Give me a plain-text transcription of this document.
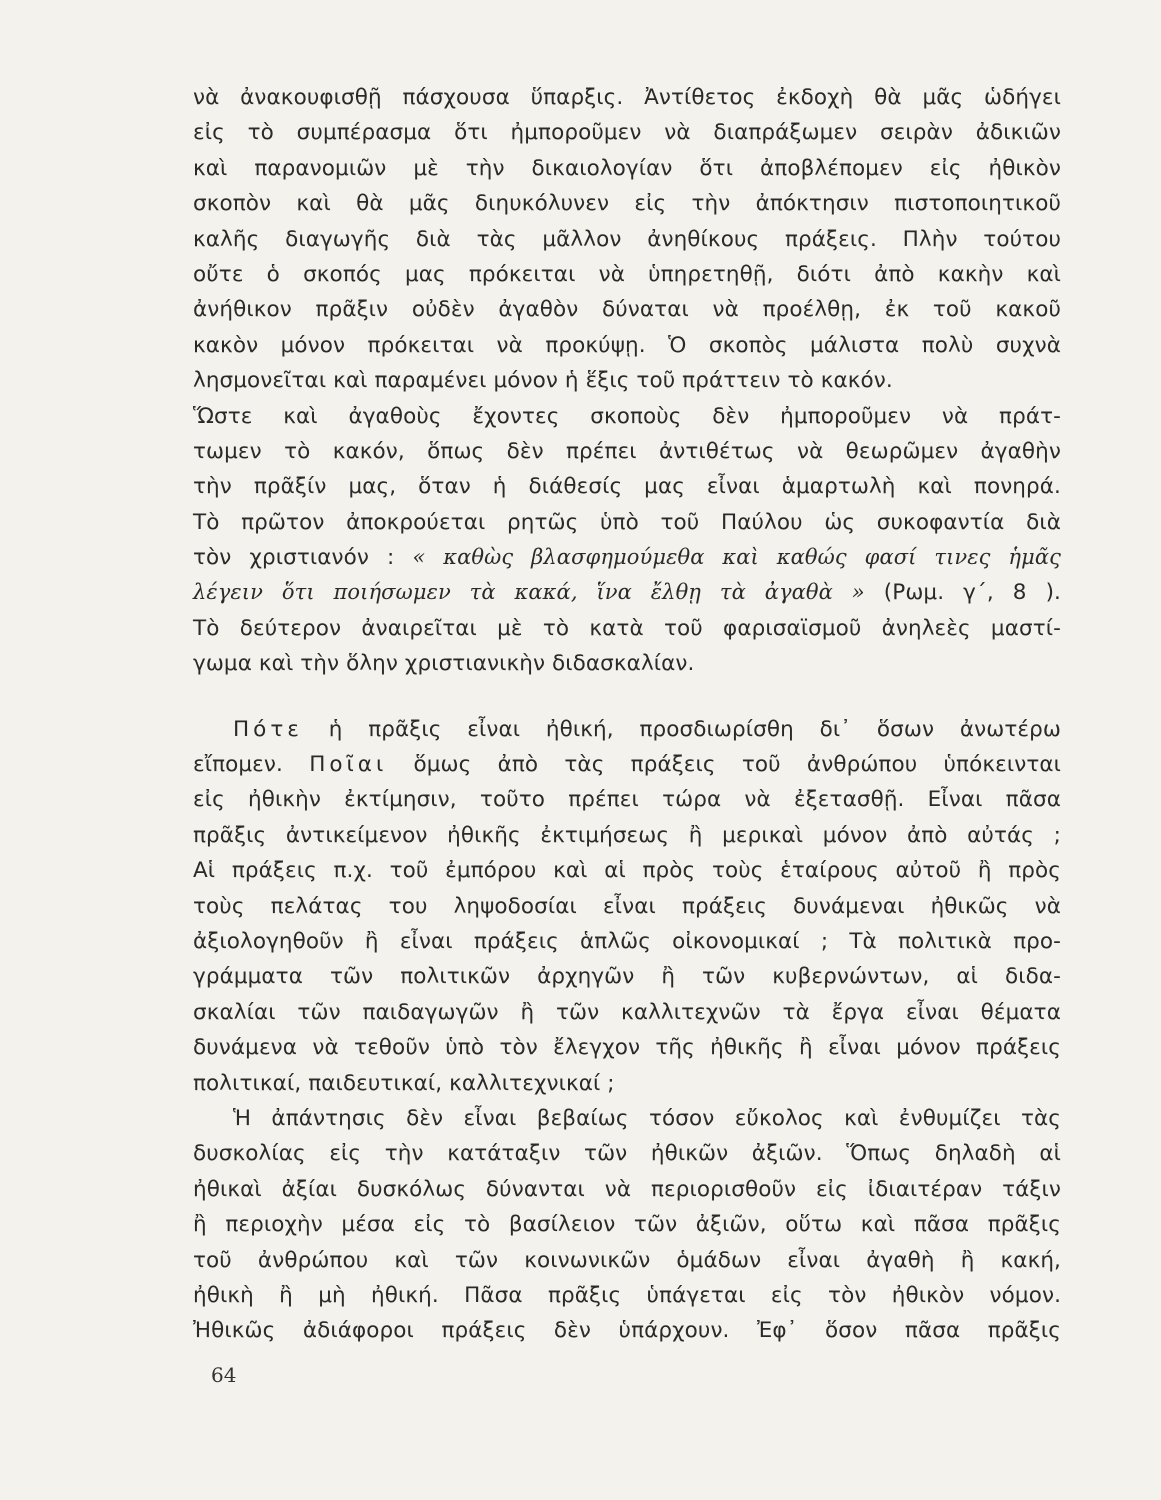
νὰ ἀνακουφισθῇ πάσχουσα ὕπαρξις. Ἀντίθετος ἐκδοχὴ θὰ μᾶς ὡδήγει
εἰς τὸ συμπέρασμα ὅτι ἠμποροῦμεν νὰ διαπράξωμεν σειρὰν ἀδικιῶν
καὶ παρανομιῶν μὲ τὴν δικαιολογίαν ὅτι ἀποβλέπομεν εἰς ἠθικὸν
σκοπὸν καὶ θὰ μᾶς διηυκόλυνεν εἰς τὴν ἀπόκτησιν πιστοποιητικοῦ
καλῆς διαγωγῆς διὰ τὰς μᾶλλον ἀνηθίκους πράξεις. Πλὴν τούτου
οὔτε ὁ σκοπός μας πρόκειται νὰ ὑπηρετηθῇ, διότι ἀπὸ κακὴν καὶ
ἀνήθικον πρᾶξιν οὐδὲν ἀγαθὸν δύναται νὰ προέλθῃ, ἐκ τοῦ κακοῦ
κακὸν μόνον πρόκειται νὰ προκύψῃ. Ὁ σκοπὸς μάλιστα πολὺ συχνὰ
λησμονεῖται καὶ παραμένει μόνον ἡ ἕξις τοῦ πράττειν τὸ κακόν.
Ὥστε καὶ ἀγαθοὺς ἔχοντες σκοποὺς δὲν ἠμποροῦμεν νὰ πράτ-
τωμεν τὸ κακόν, ὅπως δὲν πρέπει ἀντιθέτως νὰ θεωρῶμεν ἀγαθὴν
τὴν πρᾶξίν μας, ὅταν ἡ διάθεσίς μας εἶναι ἁμαρτωλὴ καὶ πονηρά.
Τὸ πρῶτον ἀποκρούεται ρητῶς ὑπὸ τοῦ Παύλου ὡς συκοφαντία διὰ
τὸν χριστιανόν : « καθὼς βλασφημούμεθα καὶ καθώς φασί τινες ἡμᾶς
λέγειν ὅτι ποιήσωμεν τὰ κακά, ἵνα ἔλθῃ τὰ ἀγαθὰ » (Ρωμ. γ΄, 8 ).
Τὸ δεύτερον ἀναιρεῖται μὲ τὸ κατὰ τοῦ φαρισαϊσμοῦ ἀνηλεὲς μαστί-
γωμα καὶ τὴν ὅλην χριστιανικὴν διδασκαλίαν.
Πότε ἡ πρᾶξις εἶναι ἠθική, προσδιωρίσθη δι᾽ ὅσων ἀνωτέρω
εἴπομεν. Ποῖαι ὅμως ἀπὸ τὰς πράξεις τοῦ ἀνθρώπου ὑπόκεινται
εἰς ἠθικὴν ἐκτίμησιν, τοῦτο πρέπει τώρα νὰ ἐξετασθῇ. Εἶναι πᾶσα
πρᾶξις ἀντικείμενον ἠθικῆς ἐκτιμήσεως ἢ μερικαὶ μόνον ἀπὸ αὐτάς ;
Αἱ πράξεις π.χ. τοῦ ἐμπόρου καὶ αἱ πρὸς τοὺς ἑταίρους αὐτοῦ ἢ πρὸς
τοὺς πελάτας του ληψοδοσίαι εἶναι πράξεις δυνάμεναι ἠθικῶς νὰ
ἀξιολογηθοῦν ἢ εἶναι πράξεις ἁπλῶς οἰκονομικαί ; Τὰ πολιτικὰ προ-
γράμματα τῶν πολιτικῶν ἀρχηγῶν ἢ τῶν κυβερνώντων, αἱ διδα-
σκαλίαι τῶν παιδαγωγῶν ἢ τῶν καλλιτεχνῶν τὰ ἔργα εἶναι θέματα
δυνάμενα νὰ τεθοῦν ὑπὸ τὸν ἔλεγχον τῆς ἠθικῆς ἢ εἶναι μόνον πράξεις
πολιτικαί, παιδευτικαί, καλλιτεχνικαί ;
Ἡ ἀπάντησις δὲν εἶναι βεβαίως τόσον εὔκολος καὶ ἐνθυμίζει τὰς
δυσκολίας εἰς τὴν κατάταξιν τῶν ἠθικῶν ἀξιῶν. Ὅπως δηλαδὴ αἱ
ἠθικαὶ ἀξίαι δυσκόλως δύνανται νὰ περιορισθοῦν εἰς ἰδιαιτέραν τάξιν
ἢ περιοχὴν μέσα εἰς τὸ βασίλειον τῶν ἀξιῶν, οὕτω καὶ πᾶσα πρᾶξις
τοῦ ἀνθρώπου καὶ τῶν κοινωνικῶν ὁμάδων εἶναι ἀγαθὴ ἢ κακή,
ἠθικὴ ἢ μὴ ἠθική. Πᾶσα πρᾶξις ὑπάγεται εἰς τὸν ἠθικὸν νόμον.
Ἠθικῶς ἀδιάφοροι πράξεις δὲν ὑπάρχουν. Ἐφ᾽ ὅσον πᾶσα πρᾶξις
64
